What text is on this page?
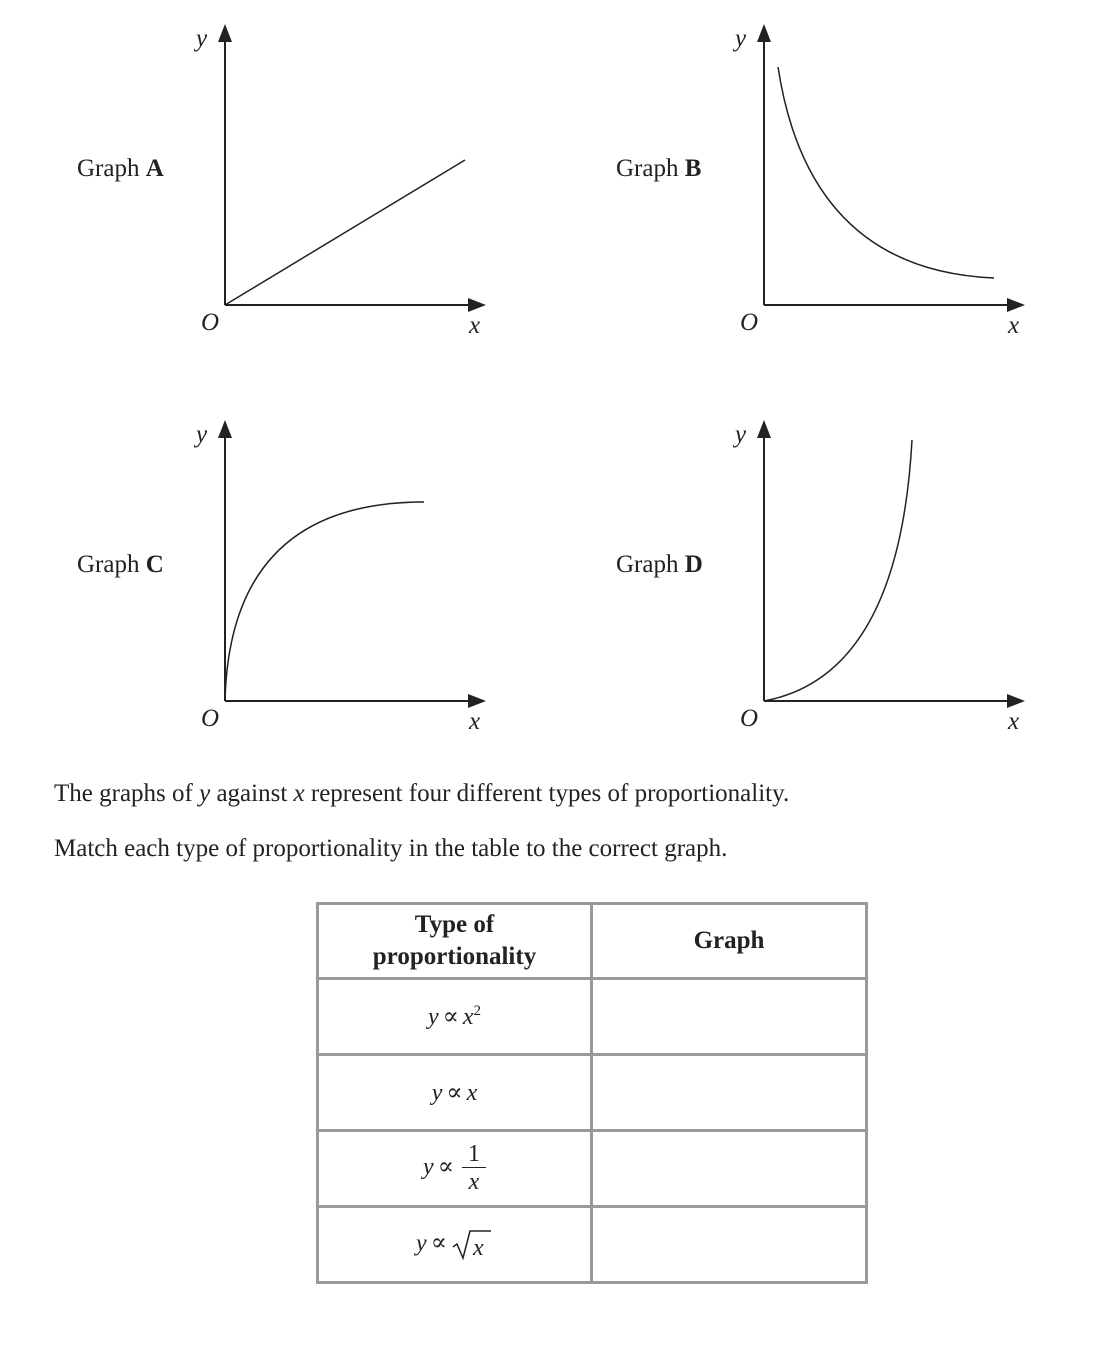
Graph A
y
x
O
Graph B
y
x
O
Graph C
y
x
O
Graph D
y
x
O
The graphs of y against x represent four different types of proportionality.
Match each type of proportionality in the table to the correct graph.
Type of
proportionality	Graph
$y \propto x^2$	
y ∝ x	
$y \propto \frac{1}{x}$

y ∝ x	
